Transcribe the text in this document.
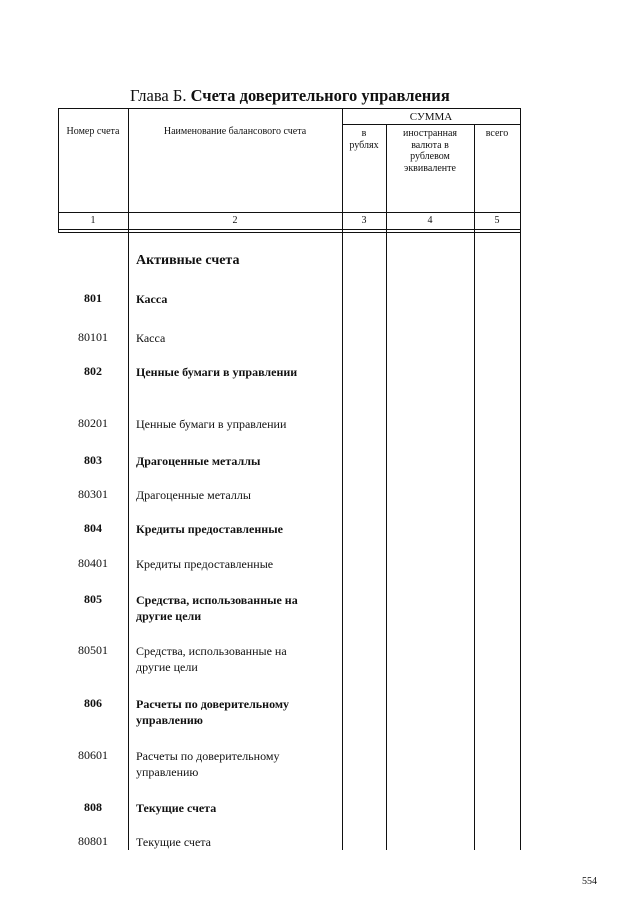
Глава Б. Счета доверительного управления
Номер счета	Наименование балансового счета
СУММА
в рублях
иностранная валюта в рублевом эквиваленте
всего
1	2	3	4	5
Активные счета
801	Касса
80101	Касса
802	Ценные бумаги в управлении
80201	Ценные бумаги в управлении
803	Драгоценные металлы
80301	Драгоценные металлы
804	Кредиты предоставленные
80401	Кредиты предоставленные
805	Средства, использованные на другие цели
80501	Средства, использованные на другие цели
806	Расчеты по доверительному управлению
80601	Расчеты по доверительному управлению
808	Текущие счета
80801	Текущие счета
554
